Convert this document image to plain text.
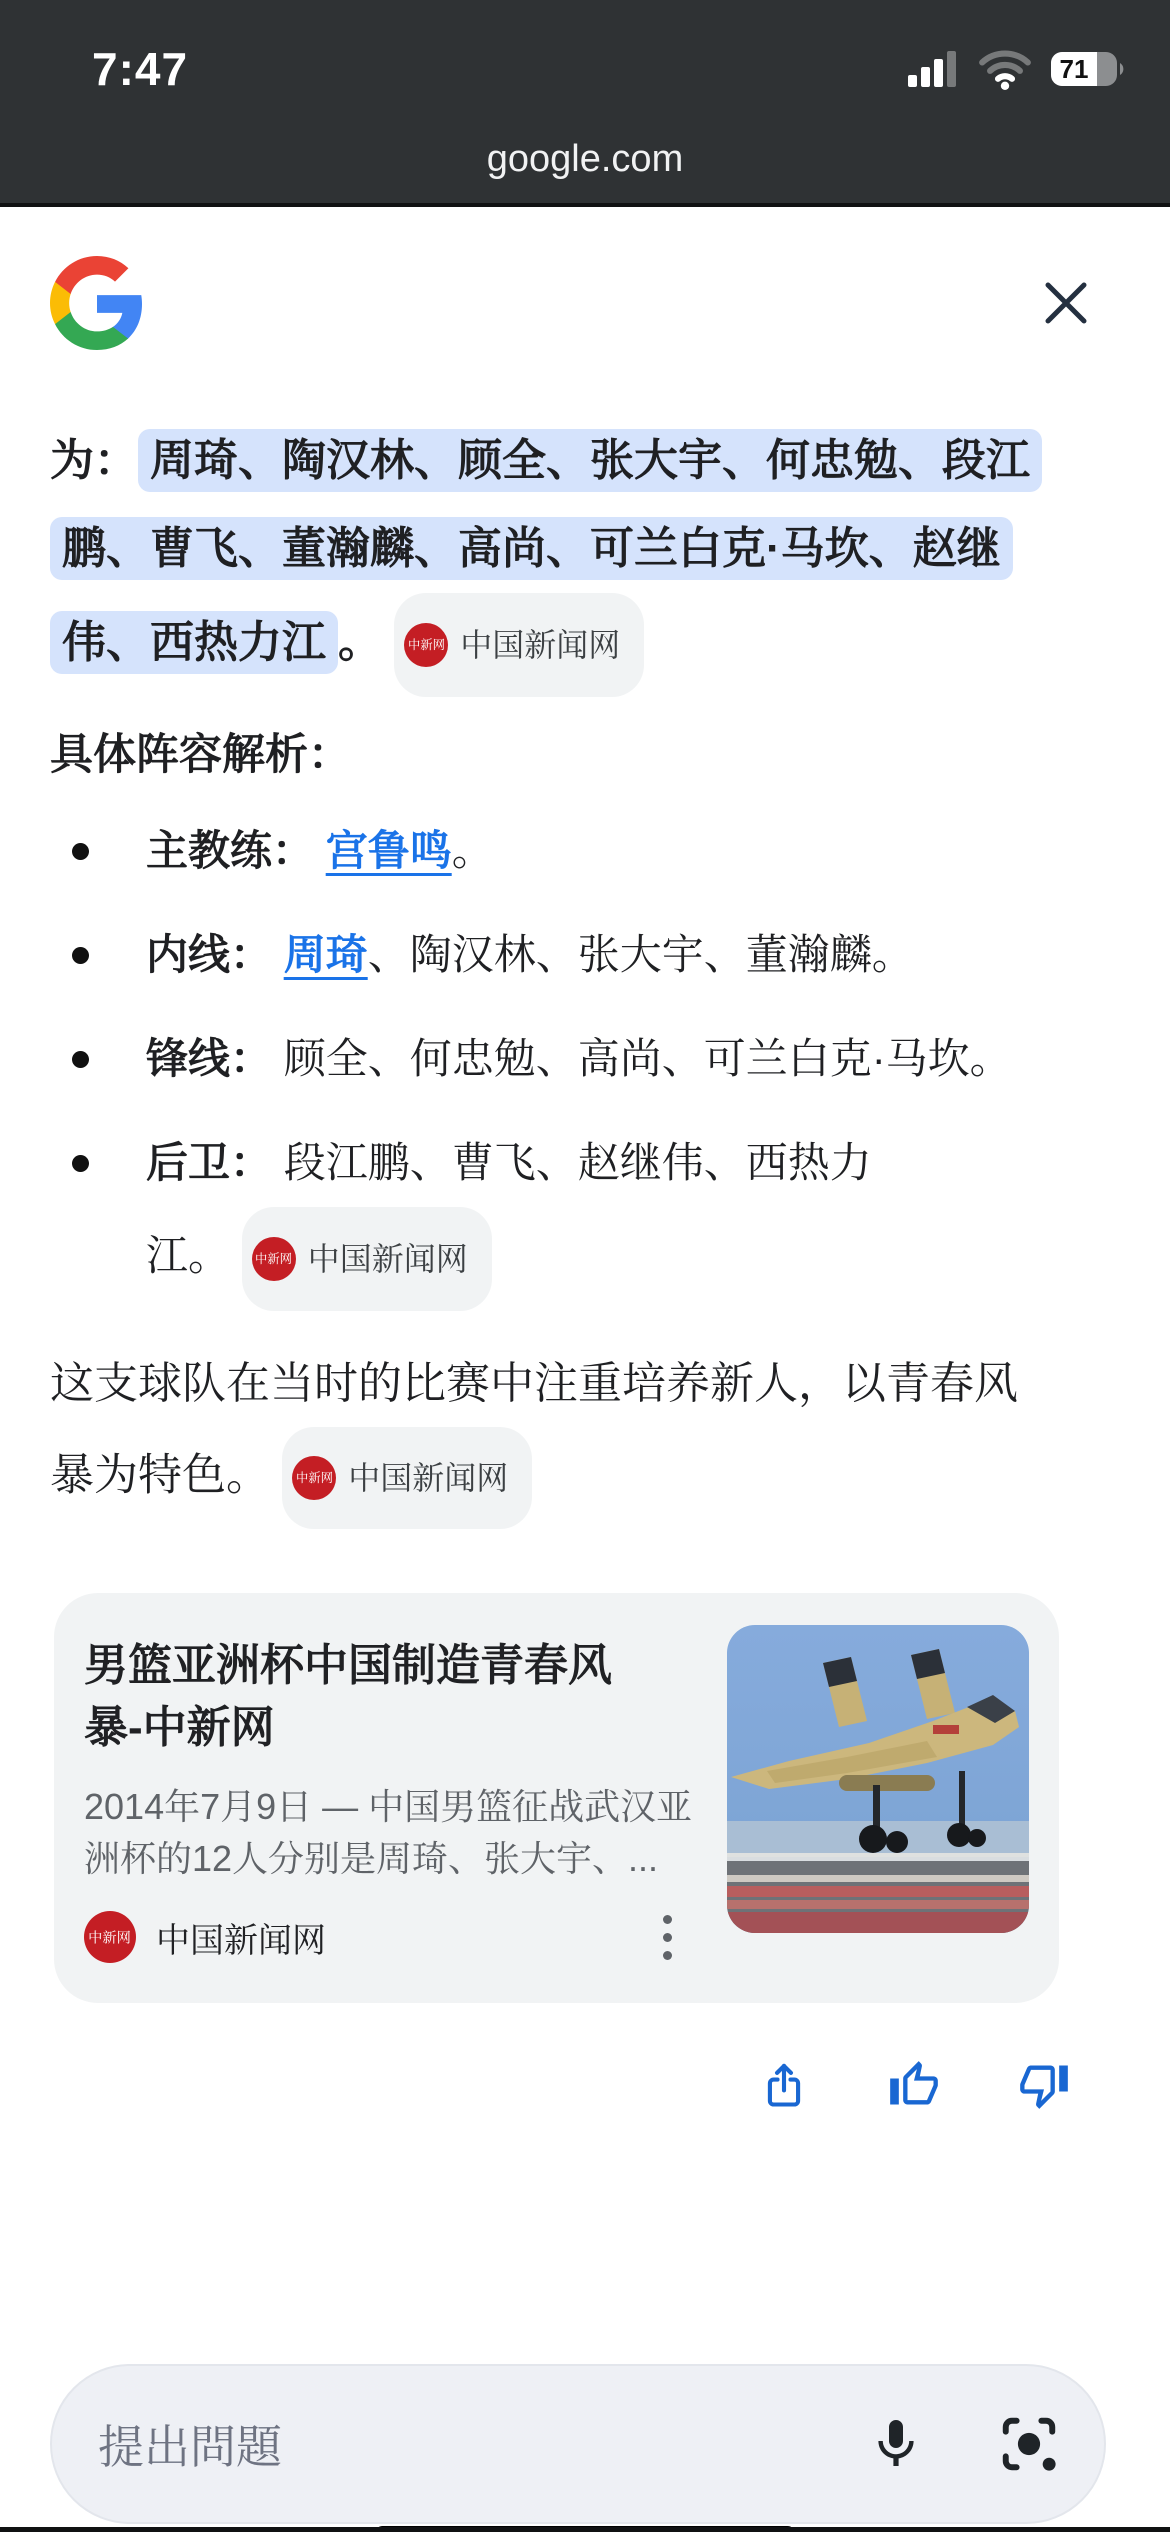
7:47	71
google.com

为： 周琦、陶汉林、顾全、张大宇、何忠勉、段江
鹏、曹飞、董瀚麟、高尚、可兰白克·马坎、赵继
伟、西热力江 。 中新网 中国新闻网

具体阵容解析：
主教练： 宫鲁鸣。
内线： 周琦、陶汉林、张大宇、董瀚麟。
锋线： 顾全、何忠勉、高尚、可兰白克·马坎。
后卫： 段江鹏、曹飞、赵继伟、西热力
江。 中新网 中国新闻网

这支球队在当时的比赛中注重培养新人，以青春风
暴为特色。 中新网 中国新闻网

男篮亚洲杯中国制造青春风
暴-中新网

2014年7月9日 — 中国男篮征战武汉亚
洲杯的12人分别是周琦、张大宇、...

中新网 中国新闻网
提出問題
